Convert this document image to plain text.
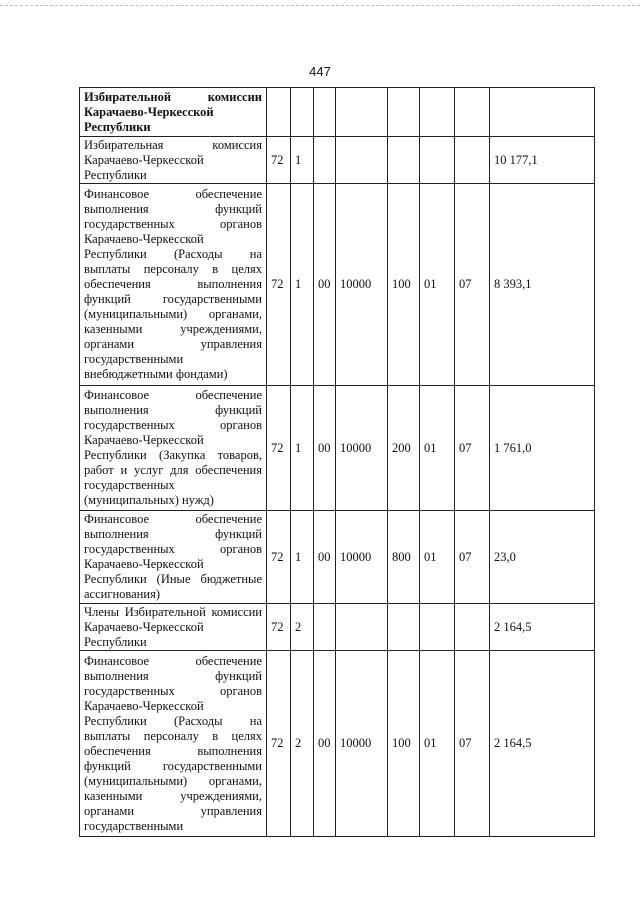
447
Избирательной комиссии Карачаево-Черкесской Республики								
Избирательная комиссия Карачаево-Черкесской Республики	72	1						10 177,1
Финансовое обеспечение выполнения функций государственных органов Карачаево-Черкесской Республики (Расходы на выплаты персоналу в целях обеспечения выполнения функций государственными (муниципальными) органами, казенными учреждениями, органами управления государственными внебюджетными фондами)	72	1	00	10000	100	01	07	8 393,1
Финансовое обеспечение выполнения функций государственных органов Карачаево-Черкесской Республики (Закупка товаров, работ и услуг для обеспечения государственных (муниципальных) нужд)	72	1	00	10000	200	01	07	1 761,0
Финансовое обеспечение выполнения функций государственных органов Карачаево-Черкесской Республики (Иные бюджетные ассигнования)	72	1	00	10000	800	01	07	23,0
Члены Избирательной комиссии Карачаево-Черкесской Республики	72	2						2 164,5
Финансовое обеспечение выполнения функций государственных органов Карачаево-Черкесской Республики (Расходы на выплаты персоналу в целях обеспечения выполнения функций государственными (муниципальными) органами, казенными учреждениями, органами управления государственными	72	2	00	10000	100	01	07	2 164,5
